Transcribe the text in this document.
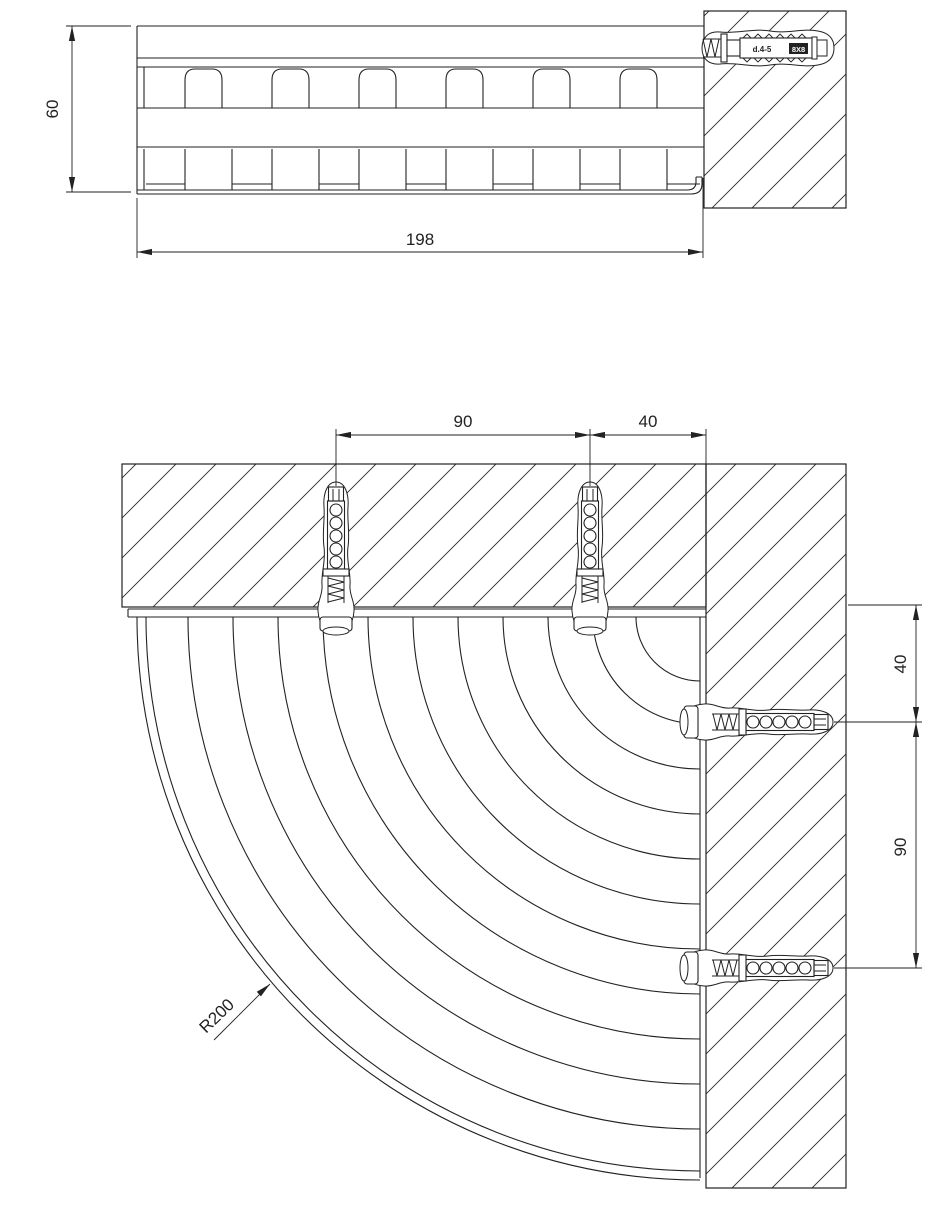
d.4-5	8X8
60
198
90	40
40
90
R200
